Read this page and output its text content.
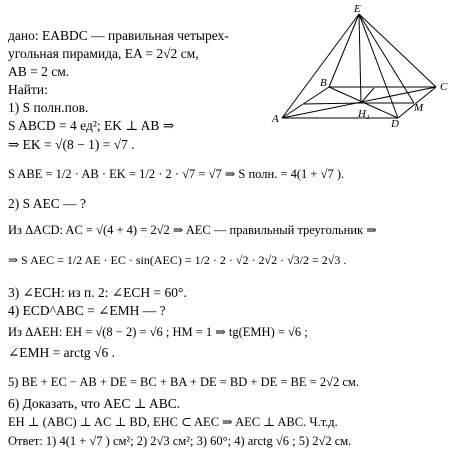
E
B	C
A	H₁	M
D
дано: EABDC — правильная четырех-
угольная пирамида, EA = 2√2 см,
AB = 2 см.
Найти:
1) S полн.пов.
S ABCD = 4 ед²; EK ⊥ AB ⇒
⇒ EK = √(8 − 1) = √7 .
S ABE = 1/2 · AB · EK = 1/2 · 2 · √7 = √7 ⇒ S полн. = 4(1 + √7 ).
2) S AEC — ?
Из ΔACD: AC = √(4 + 4) = 2√2 ⇒ AEC — правильный треугольник ⇒
⇒ S AEC = 1/2 AE · EC · sin(AEC) = 1/2 · 2 · √2 · 2√2 · √3/2 = 2√3 .
3) ∠ECH: из п. 2: ∠ECH = 60°.
4) ECD^ABC = ∠EMH — ?
Из ΔAEH: EH = √(8 − 2) = √6 ; HM = 1 ⇒ tg(EMH) = √6 ;
∠EMH = arctg √6 .
5) BE + EC − AB + DE = BC + BA + DE = BD + DE = BE = 2√2 см.
6) Доказать, что AEC ⊥ ABC.
EH ⊥ (ABC) ⊥ AC ⊥ BD, EHC ⊂ AEC ⇒ AEC ⊥ ABC. Ч.т.д.
Ответ: 1) 4(1 + √7 ) см²; 2) 2√3 см²; 3) 60°; 4) arctg √6 ; 5) 2√2 см.
